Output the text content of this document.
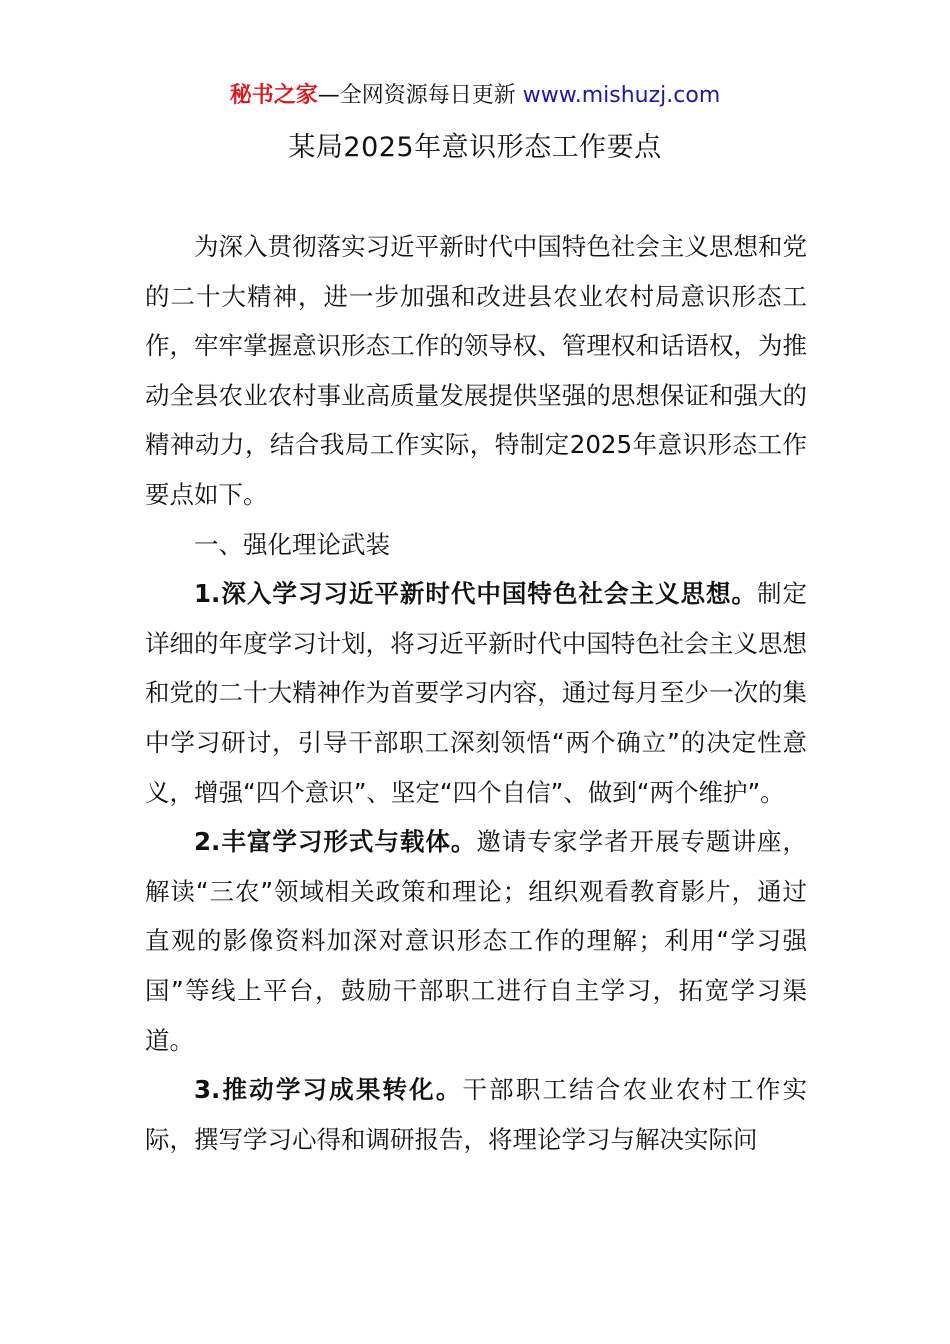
秘书之家—全网资源每日更新 www.mishuzj.com
某局2025年意识形态工作要点

为深入贯彻落实习近平新时代中国特色社会主义思想和党的二十大精神，进一步加强和改进县农业农村局意识形态工作，牢牢掌握意识形态工作的领导权、管理权和话语权，为推动全县农业农村事业高质量发展提供坚强的思想保证和强大的精神动力，结合我局工作实际，特制定2025年意识形态工作要点如下。

一、强化理论武装

1.深入学习习近平新时代中国特色社会主义思想。制定详细的年度学习计划，将习近平新时代中国特色社会主义思想和党的二十大精神作为首要学习内容，通过每月至少一次的集中学习研讨，引导干部职工深刻领悟“两个确立”的决定性意义，增强“四个意识”、坚定“四个自信”、做到“两个维护”。

2.丰富学习形式与载体。邀请专家学者开展专题讲座，解读“三农”领域相关政策和理论；组织观看教育影片，通过直观的影像资料加深对意识形态工作的理解；利用“学习强国”等线上平台，鼓励干部职工进行自主学习，拓宽学习渠道。

3.推动学习成果转化。干部职工结合农业农村工作实际，撰写学习心得和调研报告，将理论学习与解决实际问
